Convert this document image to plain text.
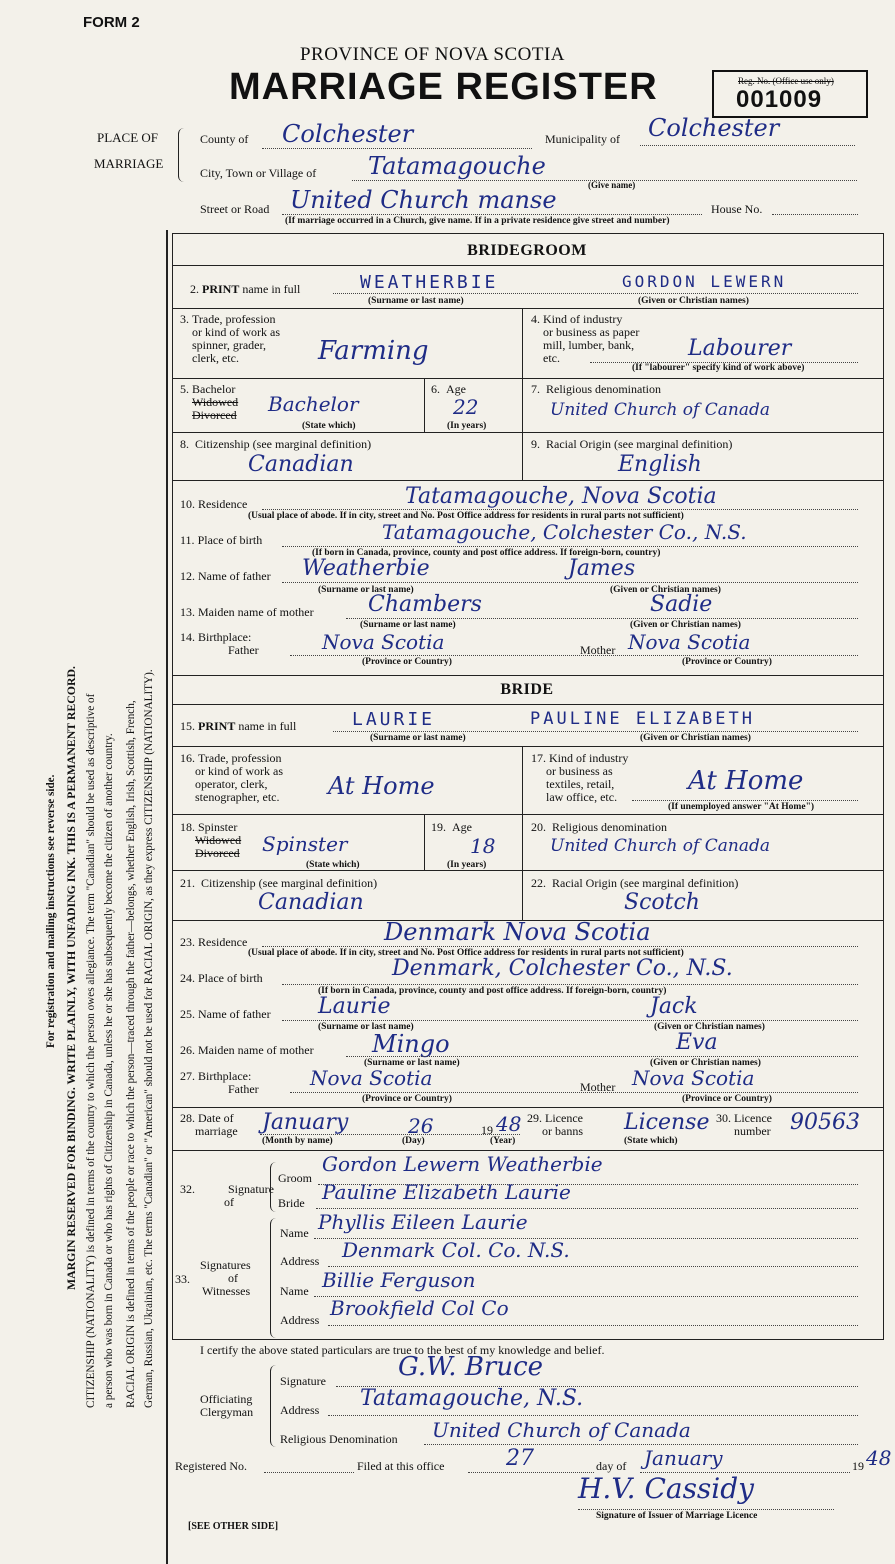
FORM 2
PROVINCE OF NOVA SCOTIA
MARRIAGE REGISTER	Reg. No. (Office use only)
001009
PLACE OF
MARRIAGE
County of Colchester	Municipality of Colchester
City, Town or Village of Tatamagouche
(Give name)
Street or Road United Church manse	House No.
(If marriage occurred in a Church, give name. If in a private residence give street and number)
For registration and mailing instructions see reverse side. MARGIN RESERVED FOR BINDING. WRITE PLAINLY, WITH UNFADING INK. THIS IS A PERMANENT RECORD. CITIZENSHIP (NATIONALITY) is defined in terms of the country to which the person owes allegiance. The term "Canadian" should be used as descriptive of a person who was born in Canada or who has rights of Citizenship in Canada, unless he or she has subsequently become the citizen of another country. RACIAL ORIGIN is defined in terms of the people or race to which the person—traced through the father—belongs, whether English, Irish, Scottish, French, German, Russian, Ukrainian, etc. The terms "Canadian" or "American" should not be used for RACIAL ORIGIN, as they express CITIZENSHIP (NATIONALITY).
BRIDEGROOM
2. PRINT name in full	WEATHERBIE	GORDON LEWERN
(Surname or last name)	(Given or Christian names)
3. Trade, profession
or kind of work as
spinner, grader,
clerk, etc.	Farming
4. Kind of industry
or business as paper
mill, lumber, bank,
etc.	Labourer
(If "labourer" specify kind of work above)
5. Bachelor
Widowed
Divorced Bachelor
(State which)
6. Age
22
(In years)
7. Religious denomination
United Church of Canada
8. Citizenship (see marginal definition)
Canadian
9. Racial Origin (see marginal definition)
English
10. Residence	Tatamagouche, Nova Scotia
(Usual place of abode. If in city, street and No. Post Office address for residents in rural parts not sufficient)
11. Place of birth	Tatamagouche, Colchester Co., N.S.
(If born in Canada, province, county and post office address. If foreign-born, country)
12. Name of father Weatherbie	James
(Surname or last name)	(Given or Christian names)
13. Maiden name of mother Chambers	Sadie
(Surname or last name)	(Given or Christian names)
14. Birthplace:
Father	Nova Scotia	Mother Nova Scotia
(Province or Country)	(Province or Country)
BRIDE
15. PRINT name in full	LAURIE	PAULINE ELIZABETH
(Surname or last name)	(Given or Christian names)
16. Trade, profession
or kind of work as
operator, clerk,
stenographer, etc. At Home
17. Kind of industry
or business as
textiles, retail,
law office, etc.
At Home
(If unemployed answer "At Home")
18. Spinster
Widowed
Divorced Spinster
(State which)
19. Age
18
(In years)
20. Religious denomination
United Church of Canada
21. Citizenship (see marginal definition)
Canadian
22. Racial Origin (see marginal definition)
Scotch
23. Residence	Denmark Nova Scotia
(Usual place of abode. If in city, street and No. Post Office address for residents in rural parts not sufficient)
24. Place of birth	Denmark, Colchester Co., N.S.
(If born in Canada, province, county and post office address. If foreign-born, country)
25. Name of father Laurie	Jack
(Surname or last name)	(Given or Christian names)
26. Maiden name of mother Mingo	Eva
(Surname or last name)	(Given or Christian names)
27. Birthplace:
Father	Nova Scotia	Mother Nova Scotia
(Province or Country)	(Province or Country)
28. Date of
marriage January	26	19 48
(Month by name)	(Day)	(Year)
29. Licence
or banns License
(State which)
30. Licence
number 90563
32.	Signature
of
Groom
Gordon Lewern Weatherbie
Bride Pauline Elizabeth Laurie
Signatures
of
Witnesses
33.
Name Phyllis Eileen Laurie
Address Denmark Col. Co. N.S.
Name Billie Ferguson
Address Brookfield Col Co
I certify the above stated particulars are true to the best of my knowledge and belief.
Officiating
Clergyman
Signature	G.W. Bruce
Address Tatamagouche, N.S.
Religious Denomination United Church of Canada
Registered No.	Filed at this office	27	day of January	19 48
H.V. Cassidy
Signature of Issuer of Marriage Licence
[SEE OTHER SIDE]
